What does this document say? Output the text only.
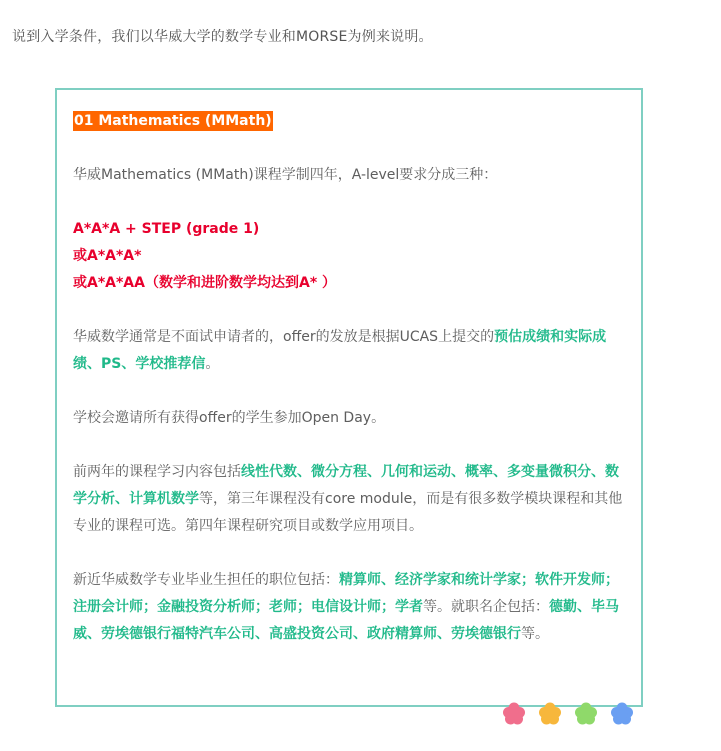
说到入学条件，我们以华威大学的数学专业和MORSE为例来说明。

01 Mathematics (MMath)

华威Mathematics (MMath)课程学制四年，A-level要求分成三种：

A*A*A + STEP (grade 1)
或A*A*A*
或A*A*AA（数学和进阶数学均达到A* ）

华威数学通常是不面试申请者的，offer的发放是根据UCAS上提交的预估成绩和实际成绩、PS、学校推荐信。

学校会邀请所有获得offer的学生参加Open Day。

前两年的课程学习内容包括线性代数、微分方程、几何和运动、概率、多变量微积分、数学分析、计算机数学等，第三年课程没有core module，而是有很多数学模块课程和其他专业的课程可选。第四年课程研究项目或数学应用项目。

新近华威数学专业毕业生担任的职位包括：精算师、经济学家和统计学家；软件开发师；注册会计师；金融投资分析师；老师；电信设计师；学者等。就职名企包括：德勤、毕马威、劳埃德银行福特汽车公司、高盛投资公司、政府精算师、劳埃德银行等。
